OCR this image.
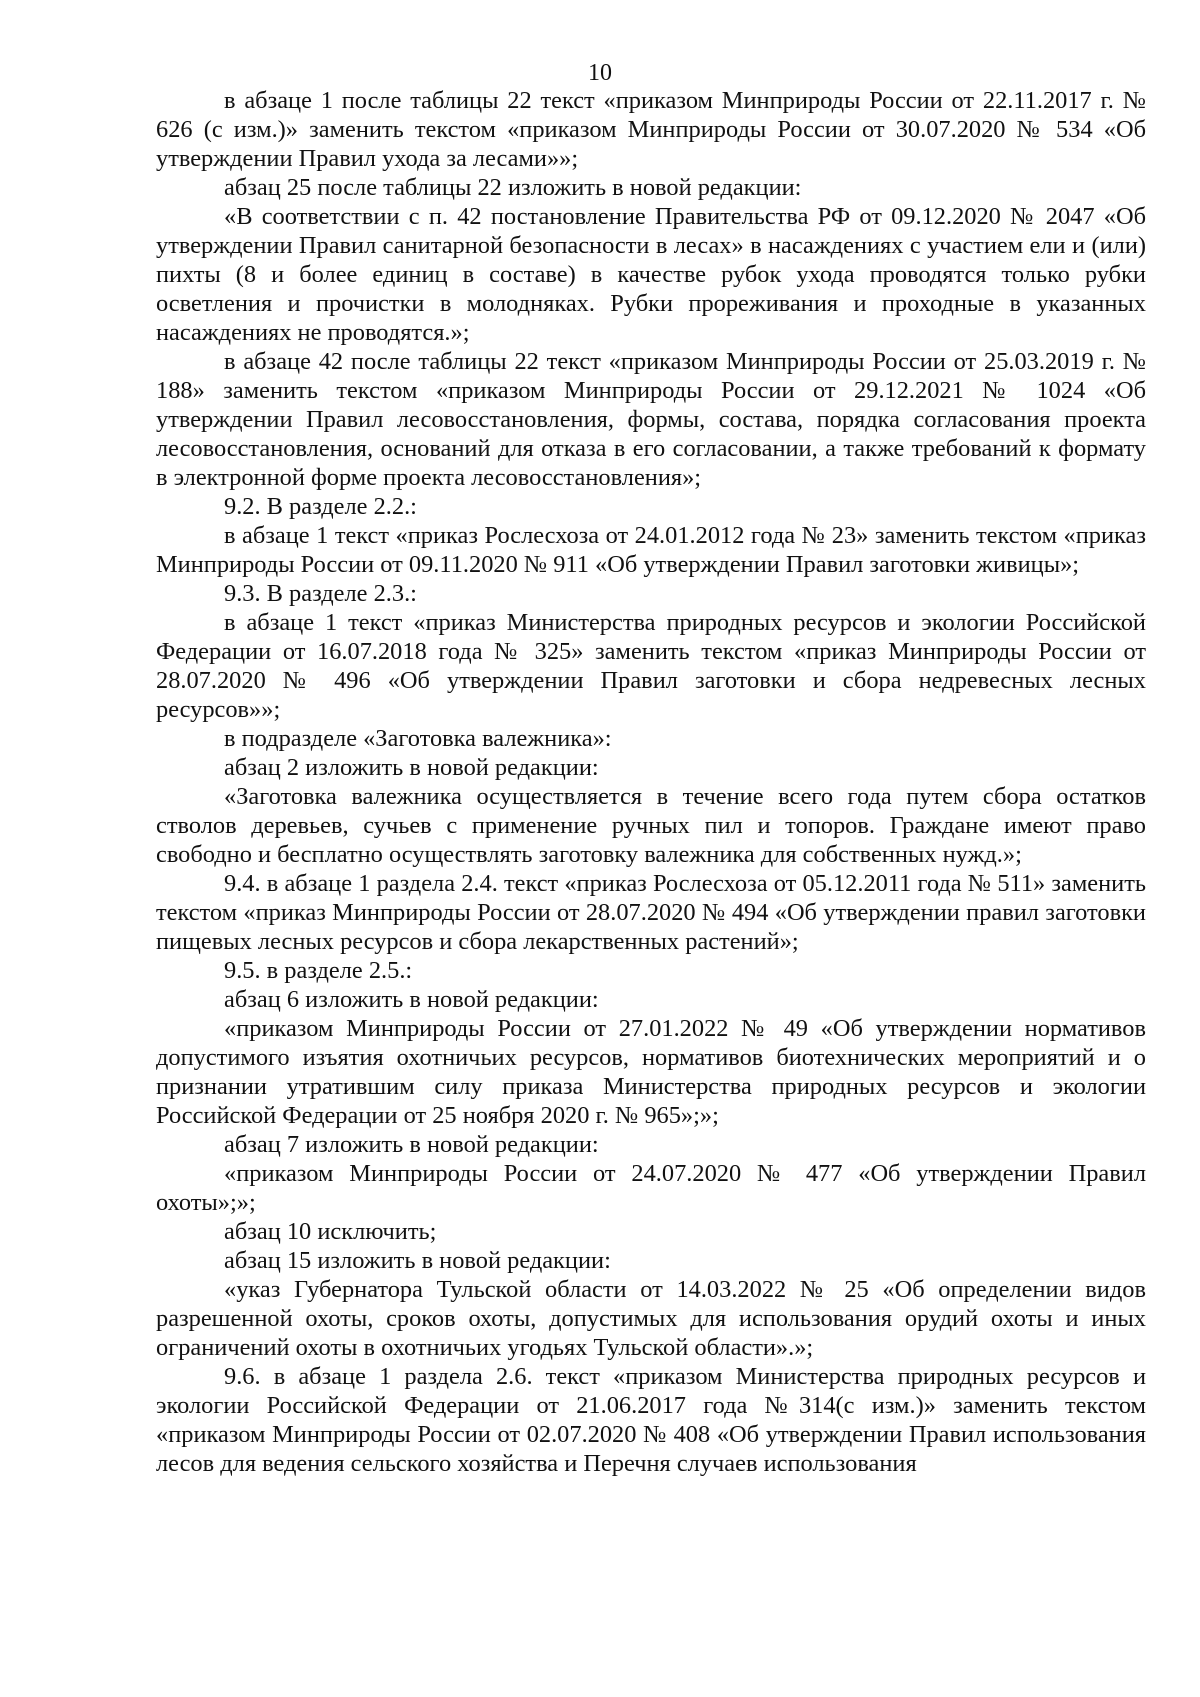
10

в абзаце 1 после таблицы 22 текст «приказом Минприроды России от 22.11.2017 г. № 626 (с изм.)» заменить текстом «приказом Минприроды России от 30.07.2020 № 534 «Об утверждении Правил ухода за лесами»»;

абзац 25 после таблицы 22 изложить в новой редакции:

«В соответствии с п. 42 постановление Правительства РФ от 09.12.2020 № 2047 «Об утверждении Правил санитарной безопасности в лесах» в насаждениях с участием ели и (или) пихты (8 и более единиц в составе) в качестве рубок ухода проводятся только рубки осветления и прочистки в молодняках. Рубки прореживания и проходные в указанных насаждениях не проводятся.»;

в абзаце 42 после таблицы 22 текст «приказом Минприроды России от 25.03.2019 г. № 188» заменить текстом «приказом Минприроды России от 29.12.2021 № 1024 «Об утверждении Правил лесовосстановления, формы, состава, порядка согласования проекта лесовосстановления, оснований для отказа в его согласовании, а также требований к формату в электронной форме проекта лесовосстановления»;

9.2. В разделе 2.2.:

в абзаце 1 текст «приказ Рослесхоза от 24.01.2012 года № 23» заменить текстом «приказ Минприроды России от 09.11.2020 № 911 «Об утверждении Правил заготовки живицы»;

9.3. В разделе 2.3.:

в абзаце 1 текст «приказ Министерства природных ресурсов и экологии Российской Федерации от 16.07.2018 года № 325» заменить текстом «приказ Минприроды России от 28.07.2020 № 496 «Об утверждении Правил заготовки и сбора недревесных лесных ресурсов»»;

в подразделе «Заготовка валежника»:

абзац 2 изложить в новой редакции:

«Заготовка валежника осуществляется в течение всего года путем сбора остатков стволов деревьев, сучьев с применение ручных пил и топоров. Граждане имеют право свободно и бесплатно осуществлять заготовку валежника для собственных нужд.»;

9.4. в абзаце 1 раздела 2.4. текст «приказ Рослесхоза от 05.12.2011 года № 511» заменить текстом «приказ Минприроды России от 28.07.2020 № 494 «Об утверждении правил заготовки пищевых лесных ресурсов и сбора лекарственных растений»;

9.5. в разделе 2.5.:

абзац 6 изложить в новой редакции:

«приказом Минприроды России от 27.01.2022 № 49 «Об утверждении нормативов допустимого изъятия охотничьих ресурсов, нормативов биотехнических мероприятий и о признании утратившим силу приказа Министерства природных ресурсов и экологии Российской Федерации от 25 ноября 2020 г. № 965»;»;

абзац 7 изложить в новой редакции:

«приказом Минприроды России от 24.07.2020 № 477 «Об утверждении Правил охоты»;»;

абзац 10 исключить;

абзац 15 изложить в новой редакции:

«указ Губернатора Тульской области от 14.03.2022 № 25 «Об определении видов разрешенной охоты, сроков охоты, допустимых для использования орудий охоты и иных ограничений охоты в охотничьих угодьях Тульской области».»;

9.6. в абзаце 1 раздела 2.6. текст «приказом Министерства природных ресурсов и экологии Российской Федерации от 21.06.2017 года №314(с изм.)» заменить текстом «приказом Минприроды России от 02.07.2020 № 408 «Об утверждении Правил использования лесов для ведения сельского хозяйства и Перечня случаев использования
